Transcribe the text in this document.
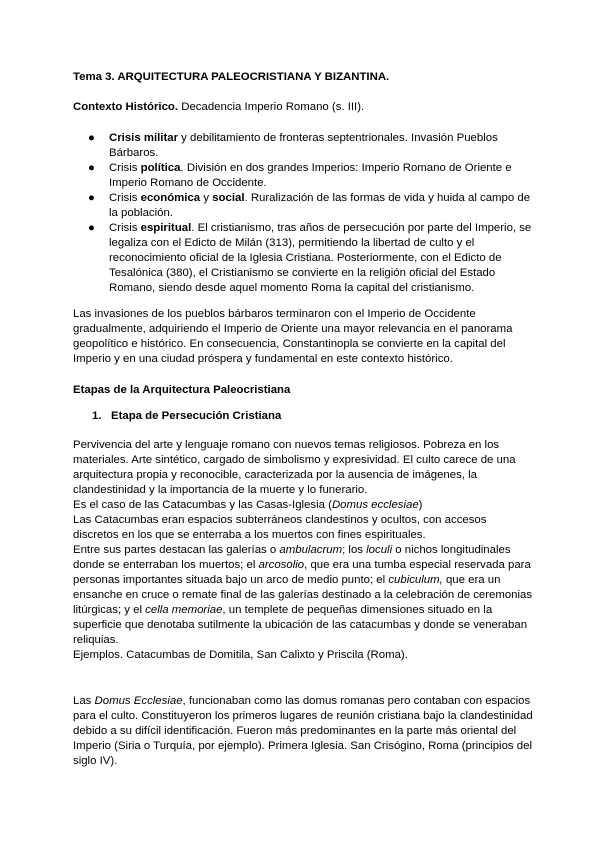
Tema 3. ARQUITECTURA PALEOCRISTIANA Y BIZANTINA.

Contexto Histórico. Decadencia Imperio Romano (s. III).

● Crisis militar y debilitamiento de fronteras septentrionales. Invasión Pueblos Bárbaros.
● Crisis política. División en dos grandes Imperios: Imperio Romano de Oriente e Imperio Romano de Occidente.
● Crisis económica y social. Ruralización de las formas de vida y huida al campo de la población.
● Crisis espiritual. El cristianismo, tras años de persecución por parte del Imperio, se legaliza con el Edicto de Milán (313), permitiendo la libertad de culto y el reconocimiento oficial de la Iglesia Cristiana. Posteriormente, con el Edicto de Tesalónica (380), el Cristianismo se convierte en la religión oficial del Estado Romano, siendo desde aquel momento Roma la capital del cristianismo.

Las invasiones de los pueblos bárbaros terminaron con el Imperio de Occidente gradualmente, adquiriendo el Imperio de Oriente una mayor relevancia en el panorama geopolítico e histórico. En consecuencia, Constantinopla se convierte en la capital del Imperio y en una ciudad próspera y fundamental en este contexto histórico.

Etapas de la Arquitectura Paleocristiana

1. Etapa de Persecución Cristiana

Pervivencia del arte y lenguaje romano con nuevos temas religiosos. Pobreza en los materiales. Arte sintético, cargado de simbolismo y expresividad. El culto carece de una arquitectura propia y reconocible, caracterizada por la ausencia de imágenes, la clandestinidad y la importancia de la muerte y lo funerario.
Es el caso de las Catacumbas y las Casas-Iglesia (Domus ecclesiae)
Las Catacumbas eran espacios subterráneos clandestinos y ocultos, con accesos discretos en los que se enterraba a los muertos con fines espirituales.
Entre sus partes destacan las galerías o ambulacrum; los loculi o nichos longitudinales donde se enterraban los muertos; el arcosolio, que era una tumba especial reservada para personas importantes situada bajo un arco de medio punto; el cubiculum, que era un ensanche en cruce o remate final de las galerías destinado a la celebración de ceremonias litúrgicas; y el cella memoriae, un templete de pequeñas dimensiones situado en la superficie que denotaba sutilmente la ubicación de las catacumbas y donde se veneraban reliquias.
Ejemplos. Catacumbas de Domitila, San Calixto y Priscila (Roma).

Las Domus Ecclesiae, funcionaban como las domus romanas pero contaban con espacios para el culto. Constituyeron los primeros lugares de reunión cristiana bajo la clandestinidad debido a su difícil identificación. Fueron más predominantes en la parte más oriental del Imperio (Siria o Turquía, por ejemplo). Primera Iglesia. San Crisógino, Roma (principios del siglo IV).
